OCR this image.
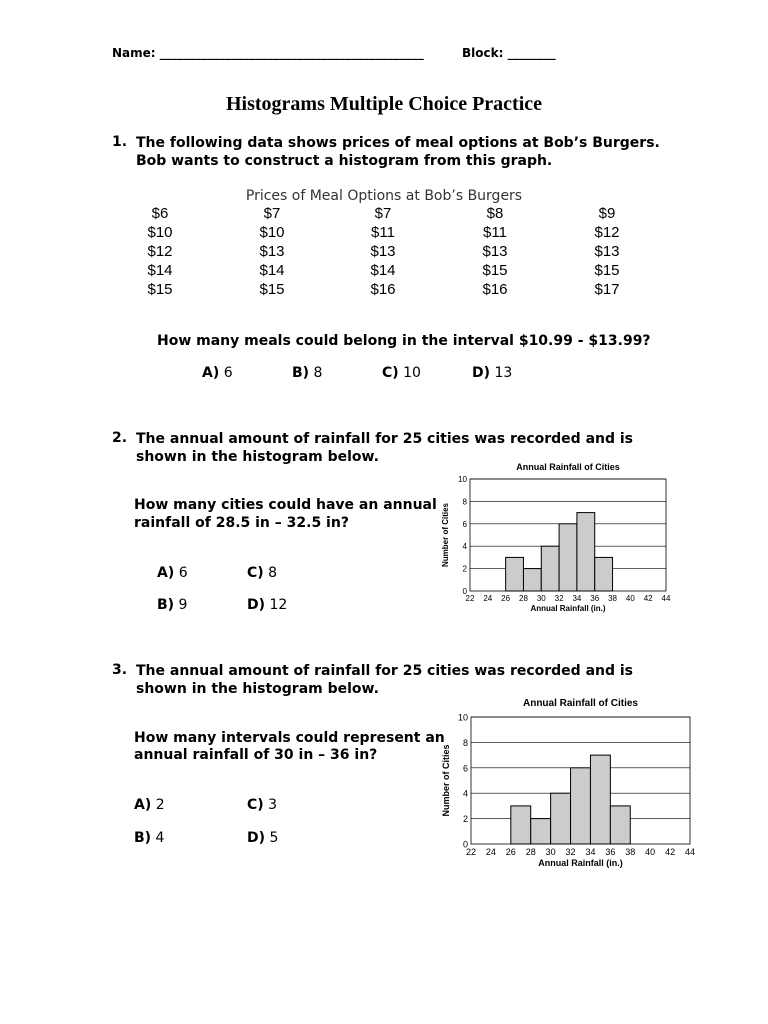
Name: ____________________________________________	Block: ________
Histograms Multiple Choice Practice
1. The following data shows prices of meal options at Bob’s Burgers. Bob wants to construct a histogram from this graph.
Prices of Meal Options at Bob’s Burgers
$6	$7	$7	$8	$9
$10	$10	$11	$11	$12
$12	$13	$13	$13	$13
$14	$14	$14	$15	$15
$15	$15	$16	$16	$17
How many meals could belong in the interval $10.99 - $13.99?
A) 6	B) 8	C) 10	D) 13
2. The annual amount of rainfall for 25 cities was recorded and is shown in the histogram below.
How many cities could have an annual
rainfall of 28.5 in – 32.5 in?
A) 6	C) 8
B) 9	D) 12
Annual Rainfall of Cities
0
2
4
6
8
10
22 24 26 28 30 32 34 36 38 40 42 44
Annual Rainfall (in.)
Number of Cities
3. The annual amount of rainfall for 25 cities was recorded and is shown in the histogram below.
How many intervals could represent an
annual rainfall of 30 in – 36 in?
A) 2	C) 3
B) 4	D) 5
Annual Rainfall of Cities
0
2
4
6
8
10
22 24 26 28 30 32 34 36 38 40 42 44
Annual Rainfall (in.)
Number of Cities
